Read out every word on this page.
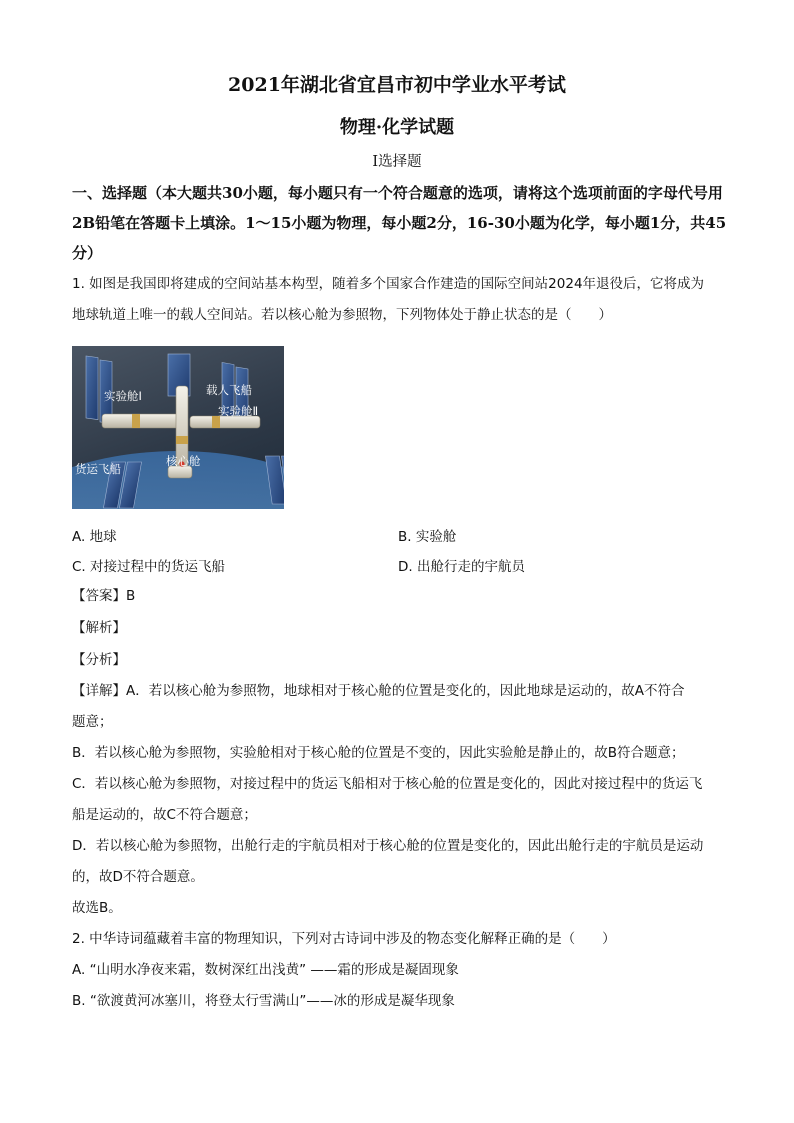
2021年湖北省宜昌市初中学业水平考试
物理·化学试题
I选择题
一、选择题（本大题共30小题，每小题只有一个符合题意的选项，请将这个选项前面的字母代号用2B铅笔在答题卡上填涂。1～15小题为物理，每小题2分，16-30小题为化学，每小题1分，共45分）
1. 如图是我国即将建成的空间站基本构型，随着多个国家合作建造的国际空间站2024年退役后，它将成为
地球轨道上唯一的载人空间站。若以核心舱为参照物，下列物体处于静止状态的是（　　）
实验舱Ⅰ	载人飞船
实验舱Ⅱ
货运飞船
核心舱
A. 地球	B. 实验舱
C. 对接过程中的货运飞船	D. 出舱行走的宇航员
【答案】B
【解析】
【分析】
【详解】A．若以核心舱为参照物，地球相对于核心舱的位置是变化的，因此地球是运动的，故A不符合
题意；
B．若以核心舱为参照物，实验舱相对于核心舱的位置是不变的，因此实验舱是静止的，故B符合题意；
C．若以核心舱为参照物，对接过程中的货运飞船相对于核心舱的位置是变化的，因此对接过程中的货运飞
船是运动的，故C不符合题意；
D．若以核心舱为参照物，出舱行走的宇航员相对于核心舱的位置是变化的，因此出舱行走的宇航员是运动
的，故D不符合题意。
故选B。
2. 中华诗词蕴藏着丰富的物理知识，下列对古诗词中涉及的物态变化解释正确的是（　　）
A. “山明水净夜来霜，数树深红出浅黄” ——霜的形成是凝固现象
B. “欲渡黄河冰塞川，将登太行雪满山”——冰的形成是凝华现象
